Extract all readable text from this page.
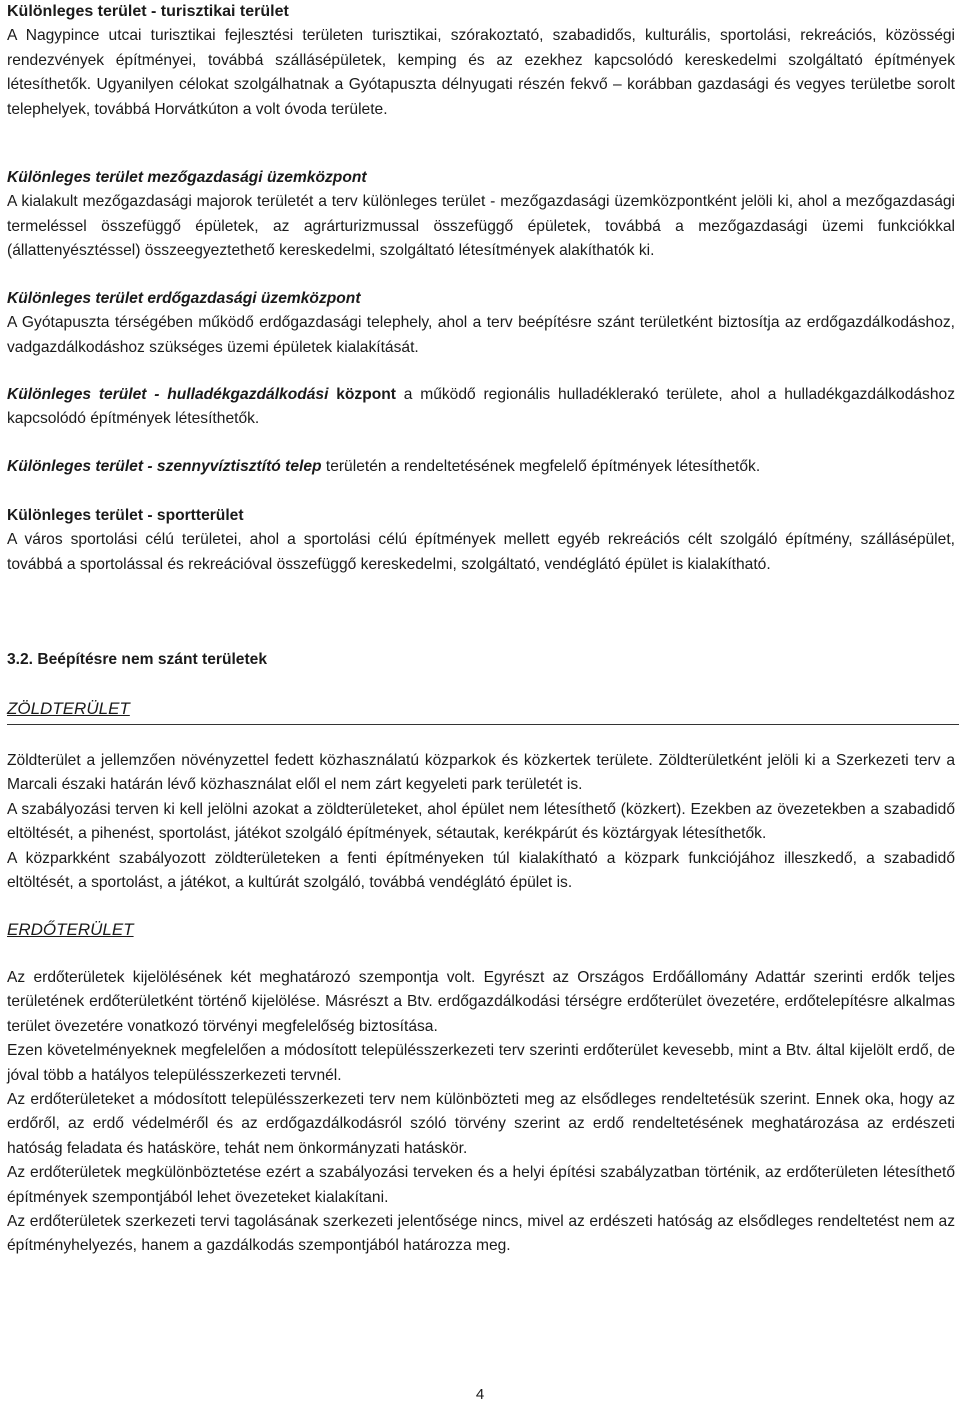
Különleges terület - turisztikai terület

A Nagypince utcai turisztikai fejlesztési területen turisztikai, szórakoztató, szabadidős, kulturális, sportolási, rekreációs, közösségi rendezvények építményei, továbbá szállásépületek, kemping és az ezekhez kapcsolódó kereskedelmi szolgáltató építmények létesíthetők. Ugyanilyen célokat szolgálhatnak a Gyótapuszta délnyugati részén fekvő – korábban gazdasági és vegyes területbe sorolt telephelyek, továbbá Horvátkúton a volt óvoda területe.

Különleges terület mezőgazdasági üzemközpont

A kialakult mezőgazdasági majorok területét a terv különleges terület - mezőgazdasági üzemközpontként jelöli ki, ahol a mezőgazdasági termeléssel összefüggő épületek, az agrárturizmussal összefüggő épületek, továbbá a mezőgazdasági üzemi funkciókkal (állattenyésztéssel) összeegyeztethető kereskedelmi, szolgáltató létesítmények alakíthatók ki.

Különleges terület erdőgazdasági üzemközpont

A Gyótapuszta térségében működő erdőgazdasági telephely, ahol a terv beépítésre szánt területként biztosítja az erdőgazdálkodáshoz, vadgazdálkodáshoz szükséges üzemi épületek kialakítását.

Különleges terület - hulladékgazdálkodási központ a működő regionális hulladéklerakó területe, ahol a hulladékgazdálkodáshoz kapcsolódó építmények létesíthetők.

Különleges terület - szennyvíztisztító telep területén a rendeltetésének megfelelő építmények létesíthetők.

Különleges terület - sportterület

A város sportolási célú területei, ahol a sportolási célú építmények mellett egyéb rekreációs célt szolgáló építmény, szállásépület, továbbá a sportolással és rekreációval összefüggő kereskedelmi, szolgáltató, vendéglátó épület is kialakítható.

3.2. Beépítésre nem szánt területek

ZÖLDTERÜLET

Zöldterület a jellemzően növényzettel fedett közhasználatú közparkok és közkertek területe. Zöldterületként jelöli ki a Szerkezeti terv a Marcali északi határán lévő közhasználat elől el nem zárt kegyeleti park területét is.

A szabályozási terven ki kell jelölni azokat a zöldterületeket, ahol épület nem létesíthető (közkert). Ezekben az övezetekben a szabadidő eltöltését, a pihenést, sportolást, játékot szolgáló építmények, sétautak, kerékpárút és köztárgyak létesíthetők.

A közparkként szabályozott zöldterületeken a fenti építményeken túl kialakítható a közpark funkciójához illeszkedő, a szabadidő eltöltését, a sportolást, a játékot, a kultúrát szolgáló, továbbá vendéglátó épület is.

ERDŐTERÜLET

Az erdőterületek kijelölésének két meghatározó szempontja volt. Egyrészt az Országos Erdőállomány Adattár szerinti erdők teljes területének erdőterületként történő kijelölése. Másrészt a Btv. erdőgazdálkodási térségre erdőterület övezetére, erdőtelepítésre alkalmas terület övezetére vonatkozó törvényi megfelelőség biztosítása.

Ezen követelményeknek megfelelően a módosított településszerkezeti terv szerinti erdőterület kevesebb, mint a Btv. által kijelölt erdő, de jóval több a hatályos településszerkezeti tervnél.

Az erdőterületeket a módosított településszerkezeti terv nem különbözteti meg az elsődleges rendeltetésük szerint. Ennek oka, hogy az erdőről, az erdő védelméről és az erdőgazdálkodásról szóló törvény szerint az erdő rendeltetésének meghatározása az erdészeti hatóság feladata és hatásköre, tehát nem önkormányzati hatáskör.

Az erdőterületek megkülönböztetése ezért a szabályozási terveken és a helyi építési szabályzatban történik, az erdőterületen létesíthető építmények szempontjából lehet övezeteket kialakítani.

Az erdőterületek szerkezeti tervi tagolásának szerkezeti jelentősége nincs, mivel az erdészeti hatóság az elsődleges rendeltetést nem az építményhelyezés, hanem a gazdálkodás szempontjából határozza meg.

4
